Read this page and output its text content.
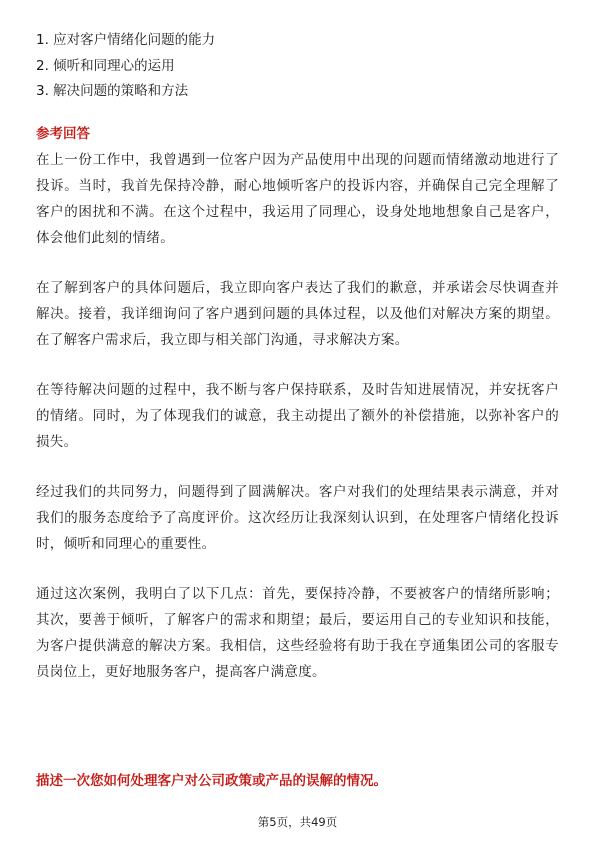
1. 应对客户情绪化问题的能力
2. 倾听和同理心的运用
3. 解决问题的策略和方法
参考回答

在上一份工作中，我曾遇到一位客户因为产品使用中出现的问题而情绪激动地进行了投诉。当时，我首先保持冷静，耐心地倾听客户的投诉内容，并确保自己完全理解了客户的困扰和不满。在这个过程中，我运用了同理心，设身处地地想象自己是客户，体会他们此刻的情绪。

在了解到客户的具体问题后，我立即向客户表达了我们的歉意，并承诺会尽快调查并解决。接着，我详细询问了客户遇到问题的具体过程，以及他们对解决方案的期望。在了解客户需求后，我立即与相关部门沟通，寻求解决方案。

在等待解决问题的过程中，我不断与客户保持联系，及时告知进展情况，并安抚客户的情绪。同时，为了体现我们的诚意，我主动提出了额外的补偿措施，以弥补客户的损失。

经过我们的共同努力，问题得到了圆满解决。客户对我们的处理结果表示满意，并对我们的服务态度给予了高度评价。这次经历让我深刻认识到，在处理客户情绪化投诉时，倾听和同理心的重要性。

通过这次案例，我明白了以下几点：首先，要保持冷静，不要被客户的情绪所影响；其次，要善于倾听，了解客户的需求和期望；最后，要运用自己的专业知识和技能，为客户提供满意的解决方案。我相信，这些经验将有助于我在亨通集团公司的客服专员岗位上，更好地服务客户，提高客户满意度。

描述一次您如何处理客户对公司政策或产品的误解的情况。
第5页，共49页
